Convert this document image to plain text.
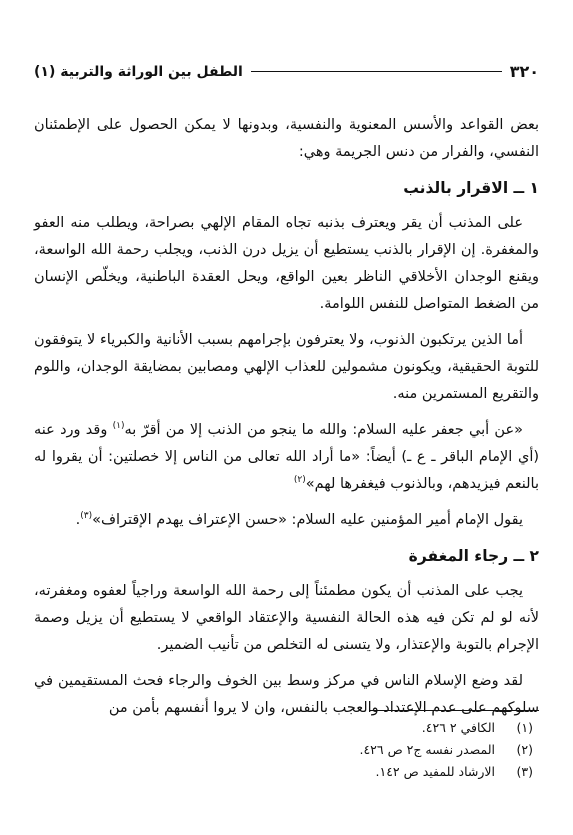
٣٢٠
الطفل بين الوراثة والتربية (١)

بعض القواعد والأسس المعنوية والنفسية، وبدونها لا يمكن الحصول على الإطمئنان النفسي، والفرار من دنس الجريمة وهي:

١ ــ الاقرار بالذنب

على المذنب أن يقر ويعترف بذنبه تجاه المقام الإلهي بصراحة، ويطلب منه العفو والمغفرة. إن الإقرار بالذنب يستطيع أن يزيل درن الذنب، ويجلب رحمة الله الواسعة، ويقنع الوجدان الأخلاقي الناظر بعين الواقع، ويحل العقدة الباطنية، ويخلّص الإنسان من الضغط المتواصل للنفس اللوامة.

أما الذين يرتكبون الذنوب، ولا يعترفون بإجرامهم بسبب الأنانية والكبرياء لا يتوفقون للتوبة الحقيقية، ويكونون مشمولين للعذاب الإلهي ومصابين بمضايقة الوجدان، واللوم والتقريع المستمرين منه.

«عن أبي جعفر عليه السلام: والله ما ينجو من الذنب إلا من أقرّ به$^{(١)}$ وقد ورد عنه (أي الإمام الباقر ـ ع ـ) أيضاً: «ما أراد الله تعالى من الناس إلا خصلتين: أن يقروا له بالنعم فيزيدهم، وبالذنوب فيغفرها لهم»$^{(٢)}$

يقول الإمام أمير المؤمنين عليه السلام: «حسن الإعتراف يهدم الإقتراف»$^{(٣)}$.

٢ ــ رجاء المغفرة

يجب على المذنب أن يكون مطمئناً إلى رحمة الله الواسعة وراجياً لعفوه ومغفرته، لأنه لو لم تكن فيه هذه الحالة النفسية والإعتقاد الواقعي لا يستطيع أن يزيل وصمة الإجرام بالتوبة والإعتذار، ولا يتسنى له التخلص من تأنيب الضمير.

لقد وضع الإسلام الناس في مركز وسط بين الخوف والرجاء فحث المستقيمين في سلوكهم على عدم الإعتداد والعجب بالنفس، وان لا يروا أنفسهم بأمن من

(١)
الكافي ٢ ٤٢٦.
(٢)
المصدر نفسه ج٢ ص ٤٢٦.
(٣)
الارشاد للمفيد ص ١٤٢.
